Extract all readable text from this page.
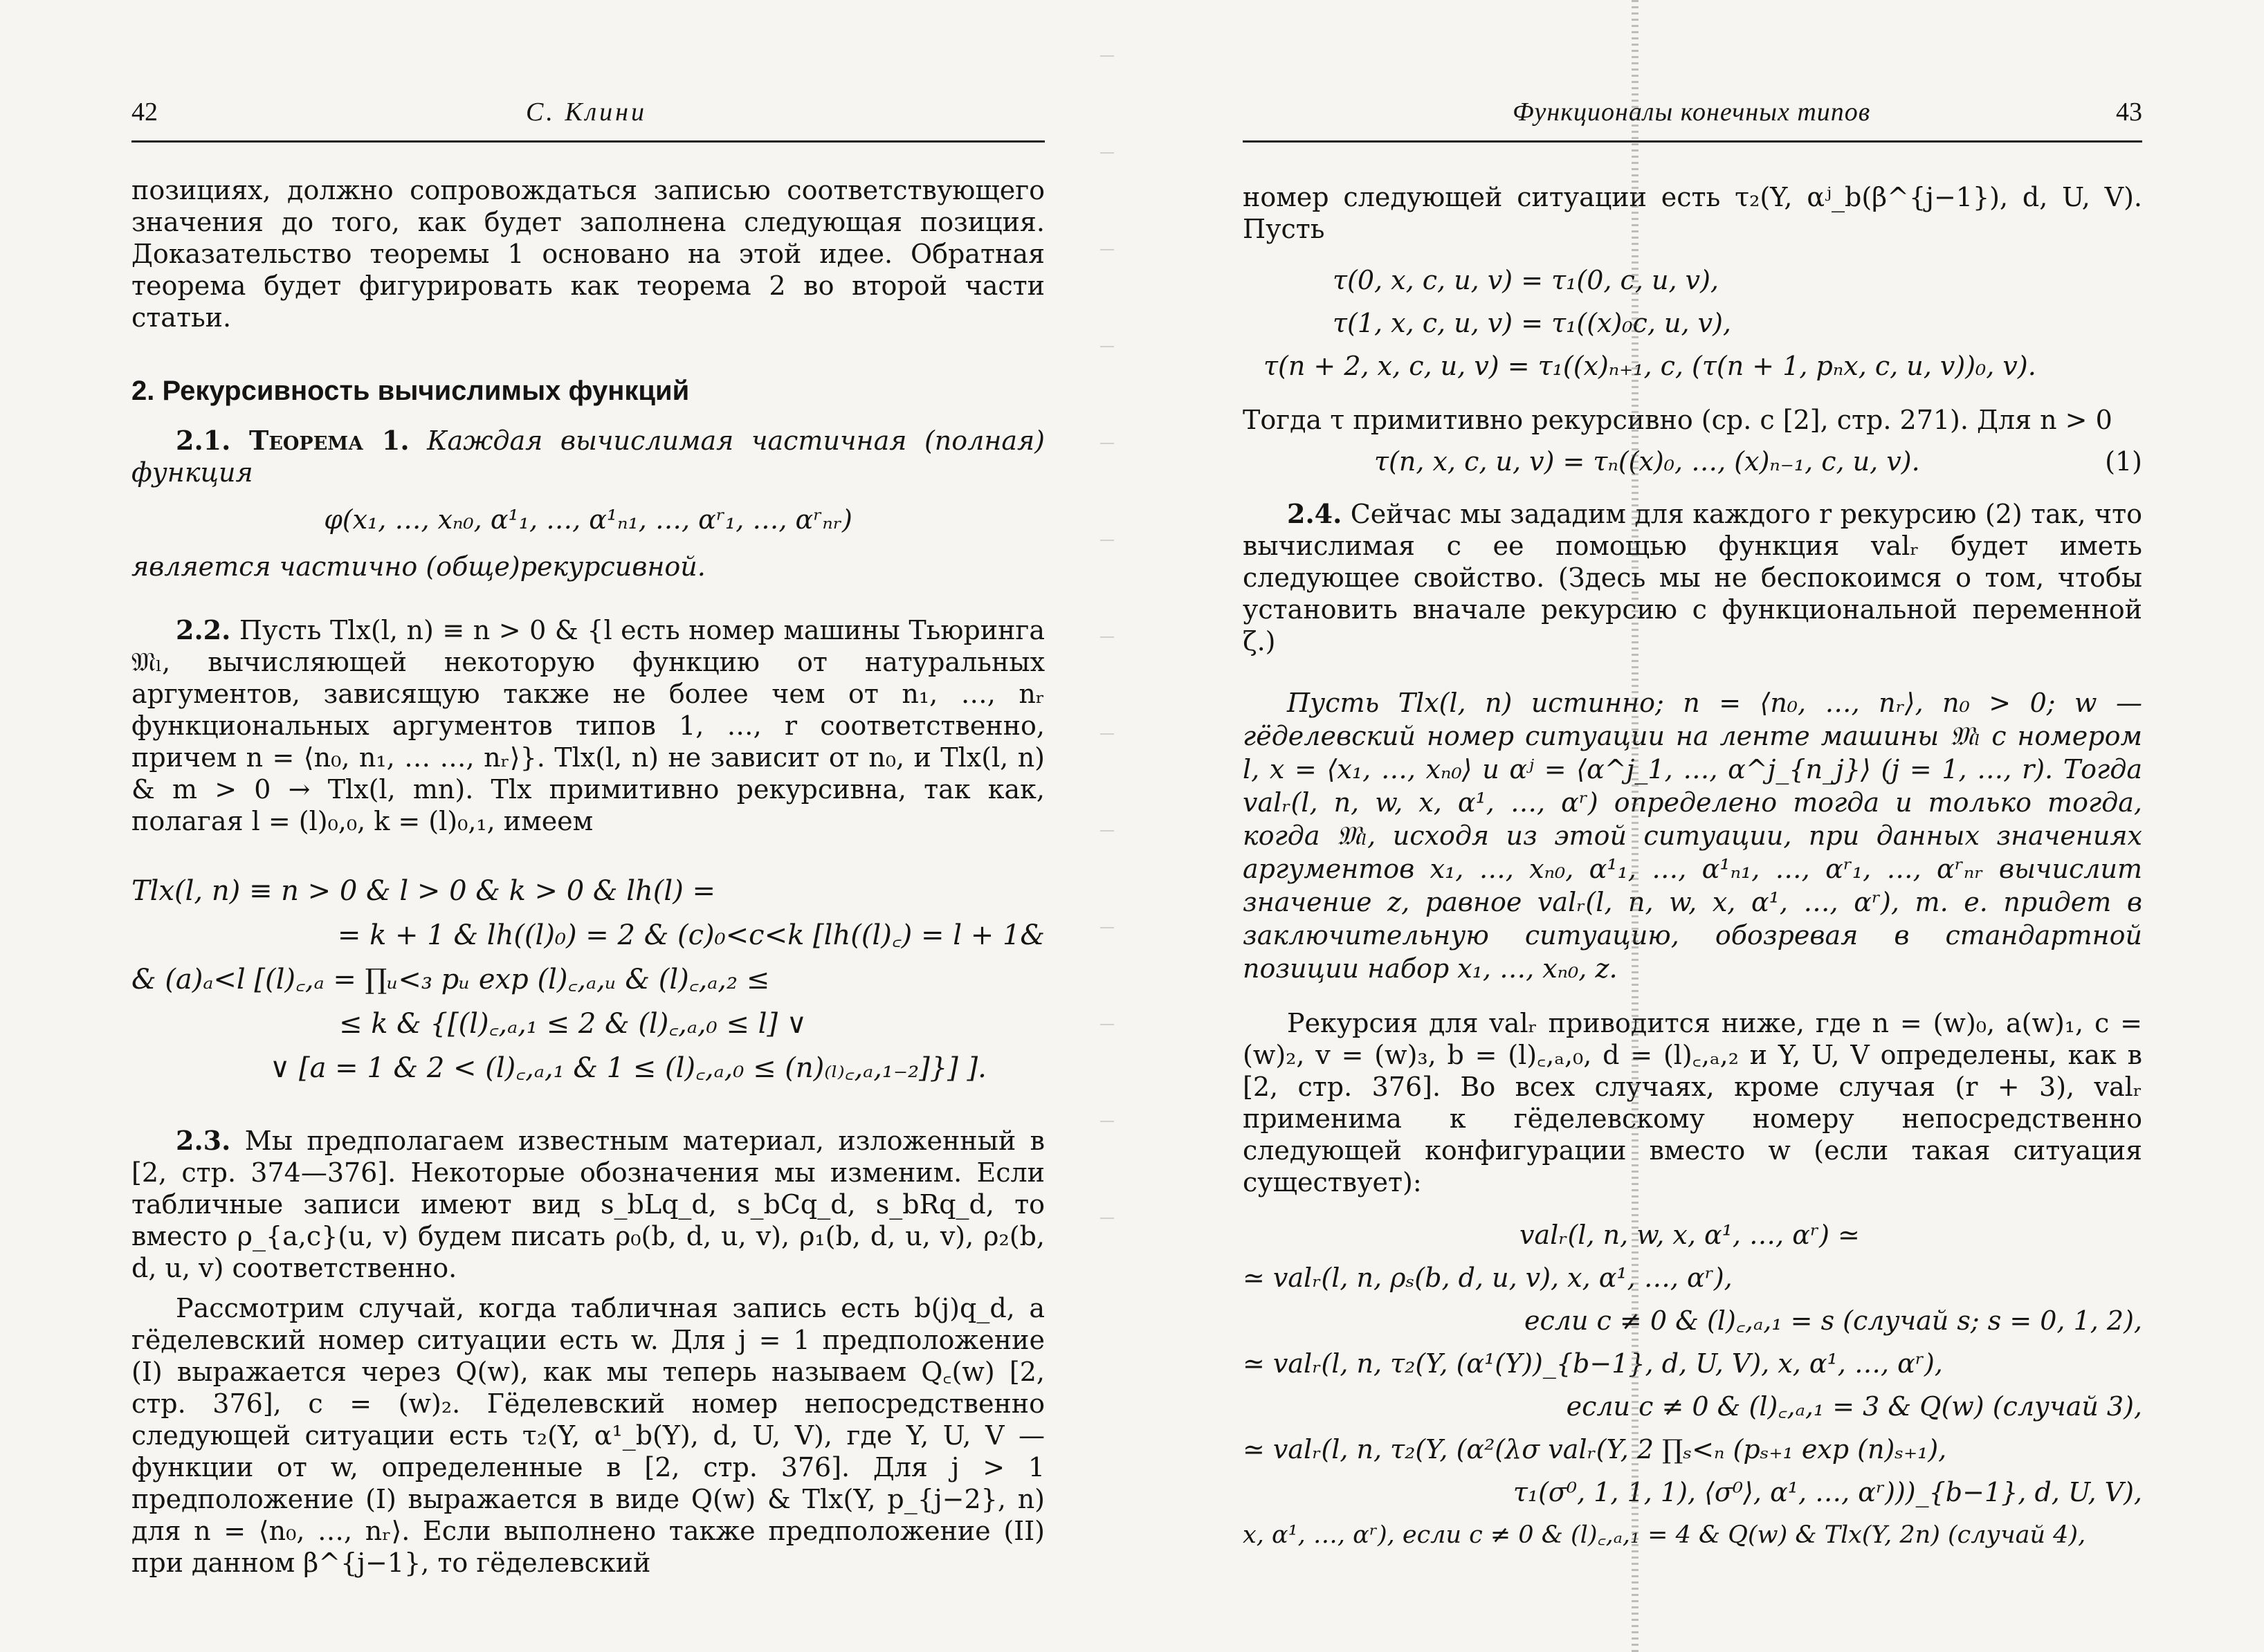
42	С. Клини

позициях, должно сопровождаться записью соответствующего значения до того, как будет заполнена следующая позиция. Доказательство теоремы 1 основано на этой идее. Обратная теорема будет фигурировать как теорема 2 во второй части статьи.

2. Рекурсивность вычислимых функций

2.1. Теорема 1. Каждая вычислимая частичная (полная) функция

φ(x₁, …, xₙ₀, α¹₁, …, α¹ₙ₁, …, αʳ₁, …, αʳₙᵣ)

является частично (обще)рекурсивной.

2.2. Пусть Tlx(l, n) ≡ n > 0 & {l есть номер машины Тьюринга 𝔐ₗ, вычисляющей некоторую функцию от натуральных аргументов, зависящую также не более чем от n₁, …, nᵣ функциональных аргументов типов 1, …, r соответственно, причем n = ⟨n₀, n₁, … …, nᵣ⟩}. Tlx(l, n) не зависит от n₀, и Tlx(l, n) & m > 0 → Tlx(l, mn). Tlx примитивно рекурсивна, так как, полагая l = (l)₀,₀, k = (l)₀,₁, имеем

Tlx(l, n) ≡ n > 0 & l > 0 & k > 0 & lh(l) =

= k + 1 & lh((l)₀) = 2 & (c)₀<c<k [lh((l)꜀) = l + 1&

& (a)ₐ<l [(l)꜀,ₐ = ∏ᵤ<₃ pᵤ exp (l)꜀,ₐ,ᵤ & (l)꜀,ₐ,₂ ≤

≤ k & {[(l)꜀,ₐ,₁ ≤ 2 & (l)꜀,ₐ,₀ ≤ l] ∨

∨ [a = 1 & 2 < (l)꜀,ₐ,₁ & 1 ≤ (l)꜀,ₐ,₀ ≤ (n)₍ₗ₎꜀,ₐ,₁₋₂]}] ].

2.3. Мы предполагаем известным материал, изложенный в [2, стр. 374—376]. Некоторые обозначения мы изменим. Если табличные записи имеют вид s_bLq_d, s_bCq_d, s_bRq_d, то вместо ρ_{a,c}(u, v) будем писать ρ₀(b, d, u, v), ρ₁(b, d, u, v), ρ₂(b, d, u, v) соответственно.

Рассмотрим случай, когда табличная запись есть b(j)q_d, а гёделевский номер ситуации есть w. Для j = 1 предположение (I) выражается через Q(w), как мы теперь называем Q꜀(w) [2, стр. 376], c = (w)₂. Гёделевский номер непосредственно следующей ситуации есть τ₂(Y, α¹_b(Y), d, U, V), где Y, U, V — функции от w, определенные в [2, стр. 376]. Для j > 1 предположение (I) выражается в виде Q(w) & Tlx(Y, p_{j−2}, n) для n = ⟨n₀, …, nᵣ⟩. Если выполнено также предположение (II) при данном β^{j−1}, то гёделевский

Функционалы конечных типов	43

номер следующей ситуации есть τ₂(Y, αʲ_b(β^{j−1}), d, U, V). Пусть

τ(0, x, c, u, v) = τ₁(0, c, u, v),

τ(1, x, c, u, v) = τ₁((x)₀c, u, v),

τ(n + 2, x, c, u, v) = τ₁((x)ₙ₊₁, c, (τ(n + 1, pₙx, c, u, v))₀, v).

Тогда τ примитивно рекурсивно (ср. с [2], стр. 271). Для n > 0

τ(n, x, c, u, v) = τₙ((x)₀, …, (x)ₙ₋₁, c, u, v).	(1)

2.4. Сейчас мы зададим для каждого r рекурсию (2) так, что вычислимая с ее помощью функция valᵣ будет иметь следующее свойство. (Здесь мы не беспокоимся о том, чтобы установить вначале рекурсию с функциональной переменной ζ.)

Пусть Tlx(l, n) истинно; n = ⟨n₀, …, nᵣ⟩, n₀ > 0; w — гёделевский номер ситуации на ленте машины 𝔐ₗ с номером l, x = ⟨x₁, …, xₙ₀⟩ и αʲ = ⟨α^j_1, …, α^j_{n_j}⟩ (j = 1, …, r). Тогда valᵣ(l, n, w, x, α¹, …, αʳ) определено тогда и только тогда, когда 𝔐ₗ, исходя из этой ситуации, при данных значениях аргументов x₁, …, xₙ₀, α¹₁, …, α¹ₙ₁, …, αʳ₁, …, αʳₙᵣ вычислит значение z, равное valᵣ(l, n, w, x, α¹, …, αʳ), т. е. придет в заключительную ситуацию, обозревая в стандартной позиции набор x₁, …, xₙ₀, z.

Рекурсия для valᵣ приводится ниже, где n = (w)₀, a(w)₁, c = (w)₂, v = (w)₃, b = (l)꜀,ₐ,₀, d = (l)꜀,ₐ,₂ и Y, U, V определены, как в [2, стр. 376]. Во всех случаях, кроме случая (r + 3), valᵣ применима к гёделевскому номеру непосредственно следующей конфигурации вместо w (если такая ситуация существует):

valᵣ(l, n, w, x, α¹, …, αʳ) ≃

≃ valᵣ(l, n, ρₛ(b, d, u, v), x, α¹, …, αʳ),

если c ≠ 0 & (l)꜀,ₐ,₁ = s (случай s; s = 0, 1, 2),

≃ valᵣ(l, n, τ₂(Y, (α¹(Y))_{b−1}, d, U, V), x, α¹, …, αʳ),

если c ≠ 0 & (l)꜀,ₐ,₁ = 3 & Q(w) (случай 3),

≃ valᵣ(l, n, τ₂(Y, (α²(λσ valᵣ(Y, 2 ∏ₛ<ₙ (pₛ₊₁ exp (n)ₛ₊₁),

τ₁(σ⁰, 1, 1, 1), ⟨σ⁰⟩, α¹, …, αʳ)))_{b−1}, d, U, V),

x, α¹, …, αʳ), если c ≠ 0 & (l)꜀,ₐ,₁ = 4 & Q(w) & Tlx(Y, 2n) (случай 4),
